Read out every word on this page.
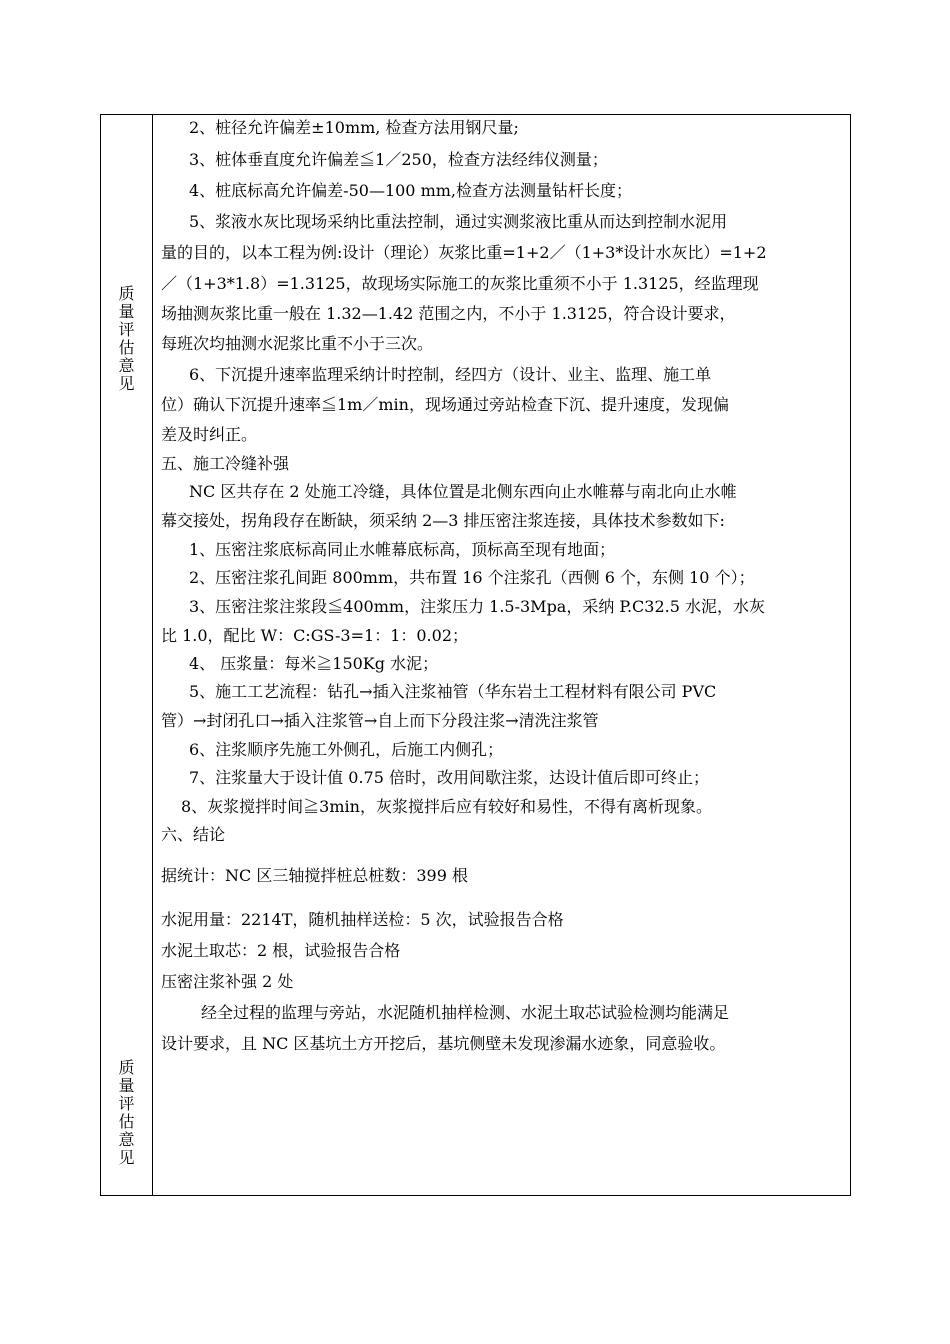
质
量
评
估
意
见
质
量
评
估
意
见
2、桩径允许偏差±10mm, 检查方法用钢尺量;
3、桩体垂直度允许偏差≦1／250，检查方法经纬仪测量；
4、桩底标高允许偏差-50—100 mm,检查方法测量钻杆长度；
5、浆液水灰比现场采纳比重法控制，通过实测浆液比重从而达到控制水泥用
量的目的，以本工程为例:设计（理论）灰浆比重=1+2／（1+3*设计水灰比）=1+2
／（1+3*1.8）=1.3125，故现场实际施工的灰浆比重须不小于 1.3125，经监理现
场抽测灰浆比重一般在 1.32—1.42 范围之内，不小于 1.3125，符合设计要求，
每班次均抽测水泥浆比重不小于三次。
6、下沉提升速率监理采纳计时控制，经四方（设计、业主、监理、施工单
位）确认下沉提升速率≦1m／min，现场通过旁站检查下沉、提升速度，发现偏
差及时纠正。
五、施工冷缝补强
NC 区共存在 2 处施工冷缝，具体位置是北侧东西向止水帷幕与南北向止水帷
幕交接处，拐角段存在断缺，须采纳 2—3 排压密注浆连接，具体技术参数如下:
1、压密注浆底标高同止水帷幕底标高，顶标高至现有地面；
2、压密注浆孔间距 800mm，共布置 16 个注浆孔（西侧 6 个，东侧 10 个）；
3、压密注浆注浆段≦400mm，注浆压力 1.5-3Mpa，采纳 P.C32.5 水泥，水灰
比 1.0，配比 W：C:GS-3=1：1：0.02；
4、 压浆量：每米≧150Kg 水泥；
5、施工工艺流程：钻孔→插入注浆袖管（华东岩土工程材料有限公司 PVC
管）→封闭孔口→插入注浆管→自上而下分段注浆→清洗注浆管
6、注浆顺序先施工外侧孔，后施工内侧孔；
7、注浆量大于设计值 0.75 倍时，改用间歇注浆，达设计值后即可终止；
8、灰浆搅拌时间≧3min，灰浆搅拌后应有较好和易性，不得有离析现象。
六、结论
据统计：NC 区三轴搅拌桩总桩数：399 根
水泥用量：2214T，随机抽样送检：5 次，试验报告合格
水泥土取芯：2 根，试验报告合格
压密注浆补强 2 处
经全过程的监理与旁站，水泥随机抽样检测、水泥土取芯试验检测均能满足
设计要求，且 NC 区基坑土方开挖后，基坑侧壁未发现渗漏水迹象，同意验收。
